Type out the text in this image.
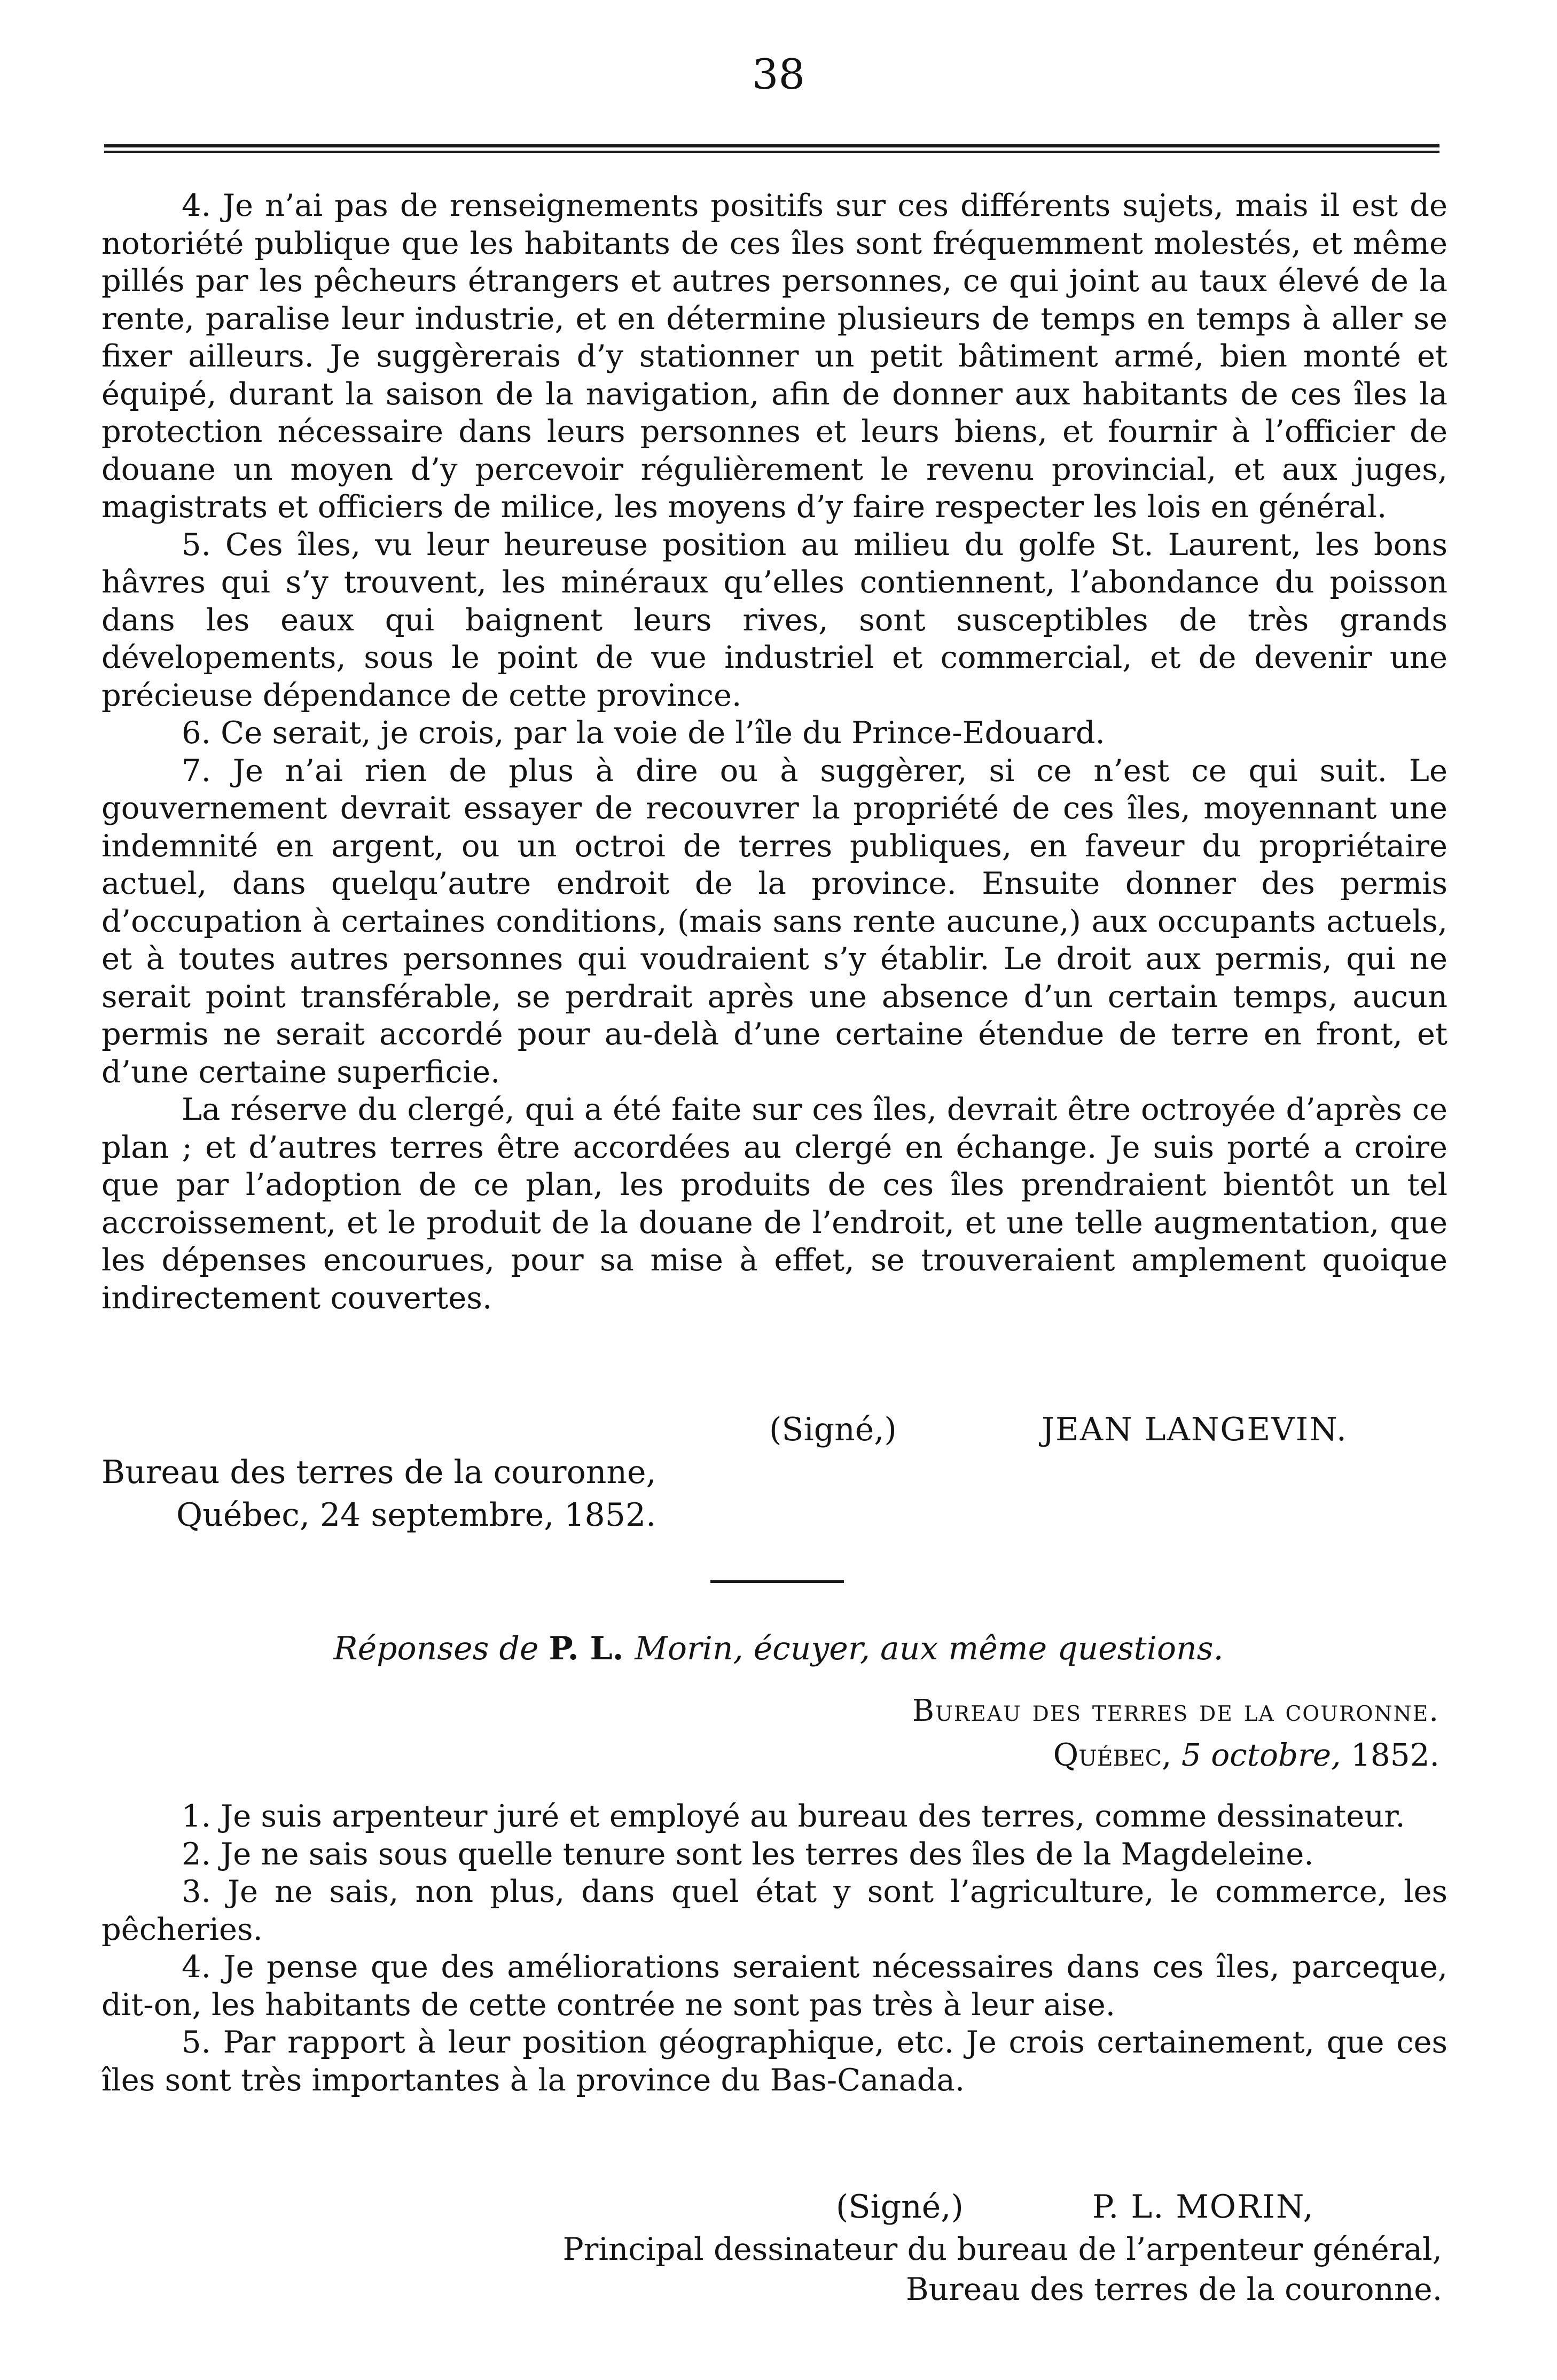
38

4. Je n’ai pas de renseignements positifs sur ces différents sujets, mais il est de notoriété publique que les habitants de ces îles sont fréquemment molestés, et même pillés par les pêcheurs étrangers et autres personnes, ce qui joint au taux élevé de la rente, paralise leur industrie, et en détermine plusieurs de temps en temps à aller se fixer ailleurs. Je suggèrerais d’y stationner un petit bâtiment armé, bien monté et équipé, durant la saison de la navigation, afin de donner aux habitants de ces îles la protection nécessaire dans leurs personnes et leurs biens, et fournir à l’officier de douane un moyen d’y percevoir régulièrement le revenu provincial, et aux juges, magistrats et officiers de milice, les moyens d’y faire respecter les lois en général.

5. Ces îles, vu leur heureuse position au milieu du golfe St. Laurent, les bons hâvres qui s’y trouvent, les minéraux qu’elles contiennent, l’abondance du poisson dans les eaux qui baignent leurs rives, sont susceptibles de très grands dévelopements, sous le point de vue industriel et commercial, et de devenir une précieuse dépendance de cette province.

6. Ce serait, je crois, par la voie de l’île du Prince-Edouard.

7. Je n’ai rien de plus à dire ou à suggèrer, si ce n’est ce qui suit. Le gouvernement devrait essayer de recouvrer la propriété de ces îles, moyennant une indemnité en argent, ou un octroi de terres publiques, en faveur du propriétaire actuel, dans quelqu’autre endroit de la province. Ensuite donner des permis d’occupation à certaines conditions, (mais sans rente aucune,) aux occupants actuels, et à toutes autres personnes qui voudraient s’y établir. Le droit aux permis, qui ne serait point transférable, se perdrait après une absence d’un certain temps, aucun permis ne serait accordé pour au-delà d’une certaine étendue de terre en front, et d’une certaine superficie.

La réserve du clergé, qui a été faite sur ces îles, devrait être octroyée d’après ce plan ; et d’autres terres être accordées au clergé en échange. Je suis porté a croire que par l’adoption de ce plan, les produits de ces îles prendraient bientôt un tel accroissement, et le produit de la douane de l’endroit, et une telle augmentation, que les dépenses encourues, pour sa mise à effet, se trouveraient amplement quoique indirectement couvertes.

(Signé,)	JEAN LANGEVIN.
Bureau des terres de la couronne,
Québec, 24 septembre, 1852.
Réponses de P. L. Morin, écuyer, aux même questions.
Bureau des terres de la couronne.
Québec, 5 octobre, 1852.

1. Je suis arpenteur juré et employé au bureau des terres, comme dessinateur.

2. Je ne sais sous quelle tenure sont les terres des îles de la Magdeleine.

3. Je ne sais, non plus, dans quel état y sont l’agriculture, le commerce, les pêcheries.

4. Je pense que des améliorations seraient nécessaires dans ces îles, parceque, dit-on, les habitants de cette contrée ne sont pas très à leur aise.

5. Par rapport à leur position géographique, etc. Je crois certainement, que ces îles sont très importantes à la province du Bas-Canada.

(Signé,)	P. L. MORIN,
Principal dessinateur du bureau de l’arpenteur général,
Bureau des terres de la couronne.
